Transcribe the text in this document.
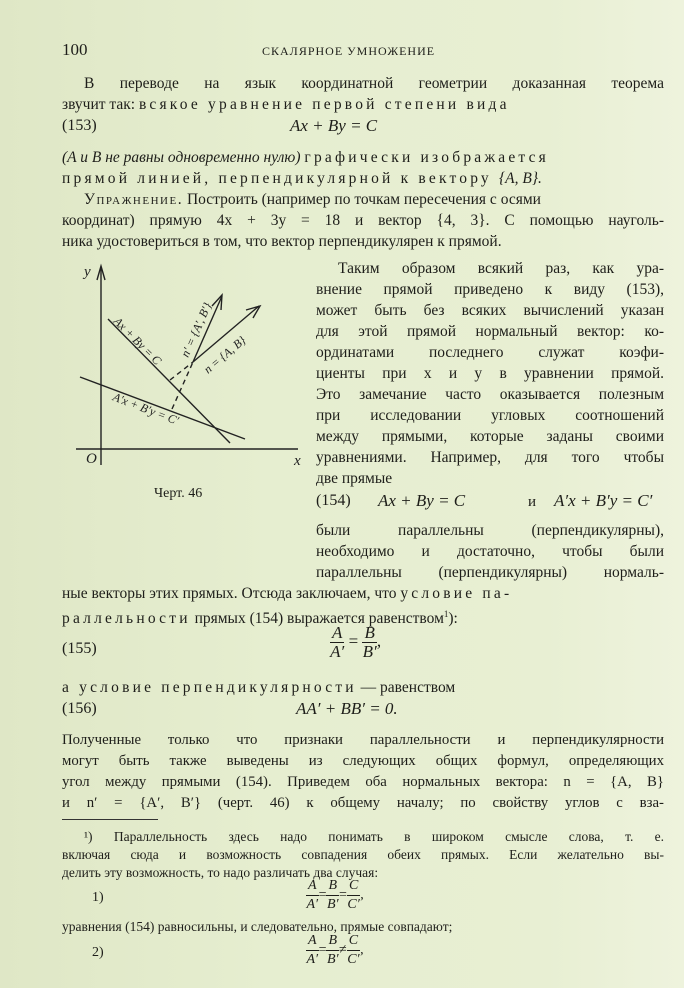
100	СКАЛЯРНОЕ УМНОЖЕНИЕ
В переводе на язык координатной геометрии доказанная теорема
звучит так: всякое уравнение первой степени вида
(153)	Ax + By = C
(A и B не равны одновременно нулю) графически изображается
прямой линией, перпендикулярной к вектору {A, B}.
Упражнение. Построить (например по точкам пересечения с осями
координат) прямую 4x + 3y = 18 и вектор {4, 3}. С помощью науголь-
ника удостовериться в том, что вектор перпендикулярен к прямой.
Таким образом всякий раз, как ура-
внение прямой приведено к виду (153),
может быть без всяких вычислений указан
для этой прямой нормальный вектор: ко-
ординатами последнего служат коэфи-
циенты при x и y в уравнении прямой.
Это замечание часто оказывается полезным
при исследовании угловых соотношений
между прямыми, которые заданы своими
уравнениями. Например, для того чтобы
две прямые
(154) Ax + By = C	и A′x + B′y = C′
были параллельны (перпендикулярны),
необходимо и достаточно, чтобы были
параллельны (перпендикулярны) нормаль-
y
x
O
Ax + By = C
A′x + B′y = C′
n′ = {A′, B′}
n = {A, B}
Черт. 46
ные векторы этих прямых. Отсюда заключаем, что условие па-
раллельности прямых (154) выражается равенством$^1$):
(155)	$\frac{A}{A'} = \frac{B}{B'}$ ,
а условие перпендикулярности — равенством
(156)	AA′ + BB′ = 0.
Полученные только что признаки параллельности и перпендикулярности
могут быть также выведены из следующих общих формул, определяющих
угол между прямыми (154). Приведем оба нормальных вектора: n = {A, B}
и n′ = {A′, B′} (черт. 46) к общему началу; по свойству углов с вза-
¹) Параллельность здесь надо понимать в широком смысле слова, т. е.
включая сюда и возможность совпадения обеих прямых. Если желательно вы-
делить эту возможность, то надо различать два случая:
1)	$\frac{A}{A'} = \frac{B}{B'} = \frac{C}{C'}$ ,
уравнения (154) равносильны, и следовательно, прямые совпадают;
2)	$\frac{A}{A'} = \frac{B}{B'} \ne \frac{C}{C'}$ ,
